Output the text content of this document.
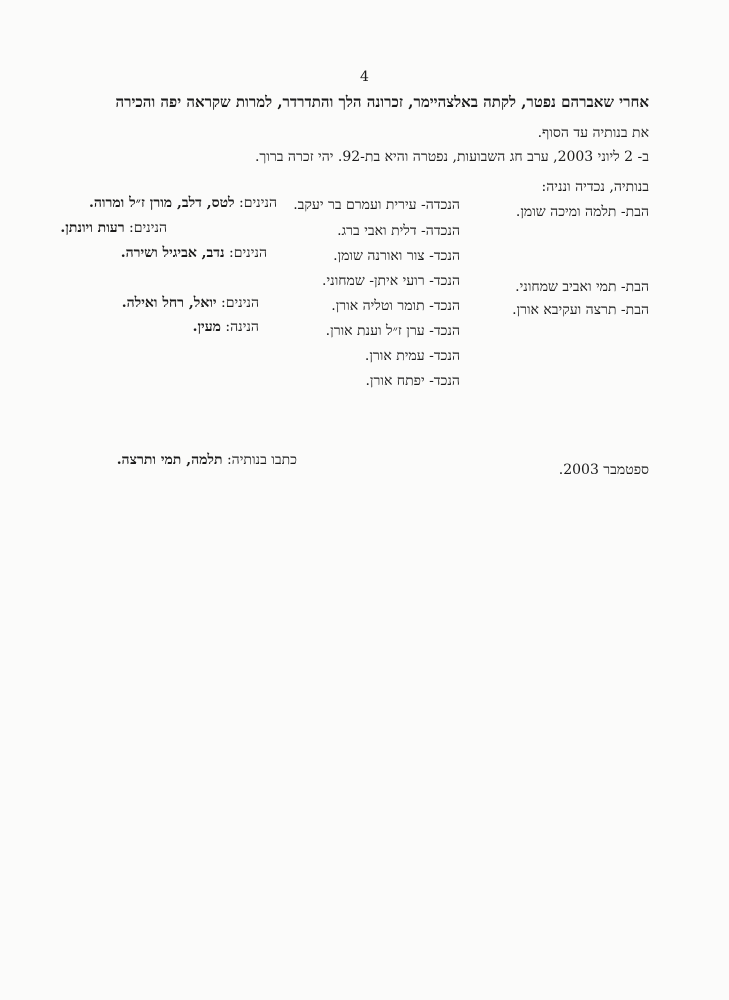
4
אחרי שאברהם נפטר, לקתה באלצהיימר, זכרונה הלך והתדרדר, למרות שקראה יפה והכירה
את בנותיה עד הסוף.
ב- 2 ליוני 2003, ערב חג השבועות, נפטרה והיא בת-92. יהי זכרה ברוך.
בנותיה, נכדיה ונניה:
הבת- תלמה ומיכה שומן.
הבת- תמי ואביב שמחוני.
הבת- תרצה ועקיבא אורן.
הנכדה- עירית ועמרם בר יעקב.
הנכדה- דלית ואבי ברג.
הנכד- צור ואורנה שומן.
הנכד- רועי איתן- שמחוני.
הנכד- תומר וטליה אורן.
הנכד- ערן ז״ל וענת אורן.
הנכד- עמית אורן.
הנכד- יפתח אורן.
הנינים: לטס, דלב, מורן ז״ל ומרוה.
הנינים: רעות ויונתן.
הנינים: נדב, אביגיל ושירה.
הנינים: יואל, רחל ואילה.
הנינה: מעין.
כתבו בנותיה: תלמה, תמי ותרצה.
ספטמבר 2003.
